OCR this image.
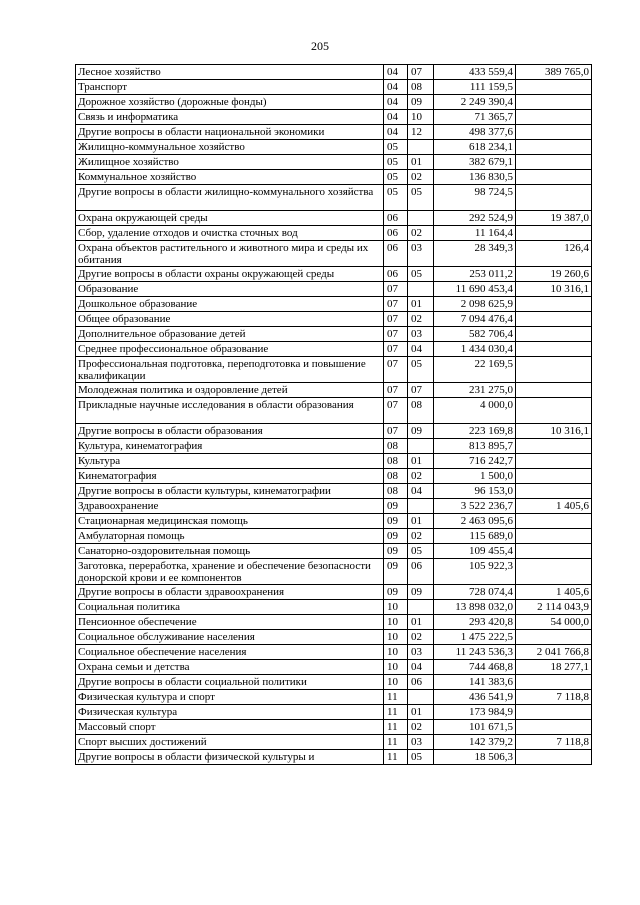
205
Лесное хозяйство	04	07	433 559,4	389 765,0
Транспорт	04	08	111 159,5	
Дорожное хозяйство (дорожные фонды)	04	09	2 249 390,4	
Связь и информатика	04	10	71 365,7	
Другие вопросы в области национальной экономики	04	12	498 377,6	
Жилищно-коммунальное хозяйство	05		618 234,1	
Жилищное хозяйство	05	01	382 679,1	
Коммунальное хозяйство	05	02	136 830,5	
Другие вопросы в области жилищно-коммунального хозяйства	05	05	98 724,5	
Охрана окружающей среды	06		292 524,9	19 387,0
Сбор, удаление отходов и очистка сточных вод	06	02	11 164,4	
Охрана объектов растительного и животного мира и среды их обитания	06	03	28 349,3	126,4
Другие вопросы в области охраны окружающей среды	06	05	253 011,2	19 260,6
Образование	07		11 690 453,4	10 316,1
Дошкольное образование	07	01	2 098 625,9	
Общее образование	07	02	7 094 476,4	
Дополнительное образование детей	07	03	582 706,4	
Среднее профессиональное образование	07	04	1 434 030,4	
Профессиональная подготовка, переподготовка и повышение квалификации	07	05	22 169,5	
Молодежная политика и оздоровление детей	07	07	231 275,0	
Прикладные научные исследования в области образования	07	08	4 000,0	
Другие вопросы в области образования	07	09	223 169,8	10 316,1
Культура, кинематография	08		813 895,7	
Культура	08	01	716 242,7	
Кинематография	08	02	1 500,0	
Другие вопросы в области культуры, кинематографии	08	04	96 153,0	
Здравоохранение	09		3 522 236,7	1 405,6
Стационарная медицинская помощь	09	01	2 463 095,6	
Амбулаторная помощь	09	02	115 689,0	
Санаторно-оздоровительная помощь	09	05	109 455,4	
Заготовка, переработка, хранение и обеспечение безопасности донорской крови и ее компонентов	09	06	105 922,3	
Другие вопросы в области здравоохранения	09	09	728 074,4	1 405,6
Социальная политика	10		13 898 032,0	2 114 043,9
Пенсионное обеспечение	10	01	293 420,8	54 000,0
Социальное обслуживание населения	10	02	1 475 222,5	
Социальное обеспечение населения	10	03	11 243 536,3	2 041 766,8
Охрана семьи и детства	10	04	744 468,8	18 277,1
Другие вопросы в области социальной политики	10	06	141 383,6	
Физическая культура и спорт	11		436 541,9	7 118,8
Физическая культура	11	01	173 984,9	
Массовый спорт	11	02	101 671,5	
Спорт высших достижений	11	03	142 379,2	7 118,8
Другие вопросы в области физической культуры и	11	05	18 506,3	
